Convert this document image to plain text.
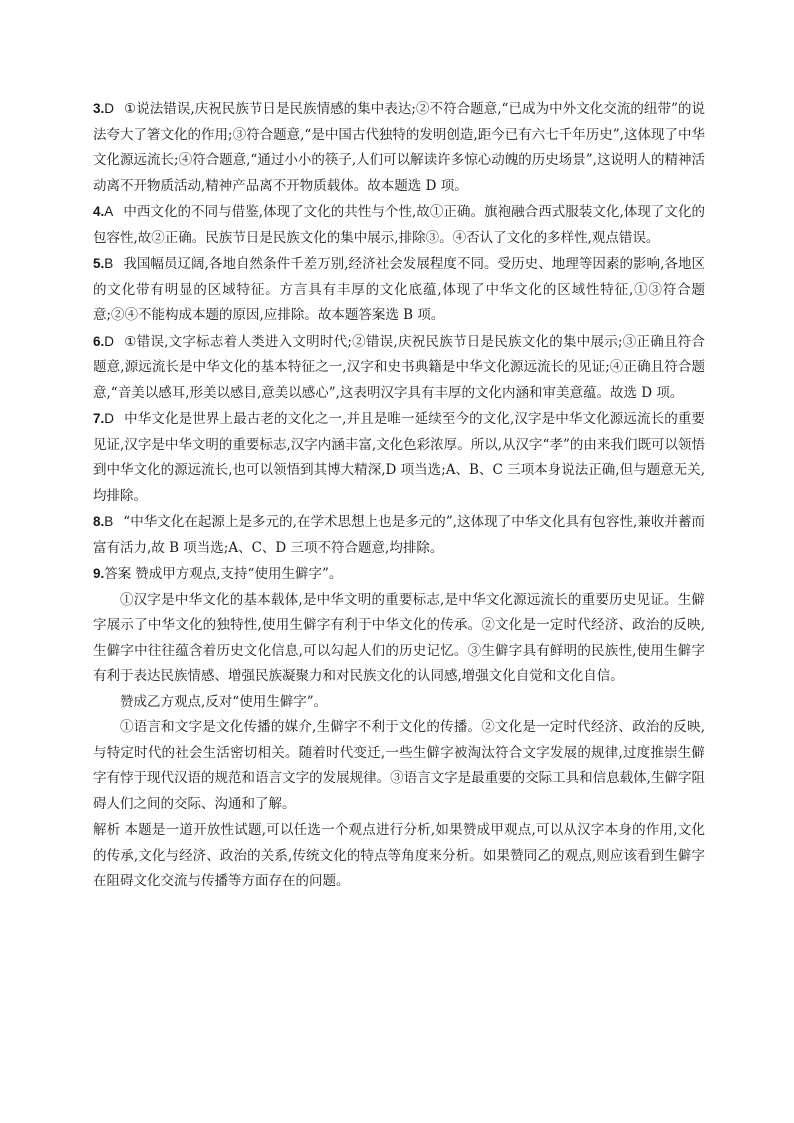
3.D ①说法错误,庆祝民族节日是民族情感的集中表达;②不符合题意,“已成为中外文化交流的纽带”的说法夸大了箸文化的作用;③符合题意,“是中国古代独特的发明创造,距今已有六七千年历史”,这体现了中华文化源远流长;④符合题意,“通过小小的筷子,人们可以解读许多惊心动魄的历史场景”,这说明人的精神活动离不开物质活动,精神产品离不开物质载体。故本题选 D 项。

4.A 中西文化的不同与借鉴,体现了文化的共性与个性,故①正确。旗袍融合西式服装文化,体现了文化的包容性,故②正确。民族节日是民族文化的集中展示,排除③。④否认了文化的多样性,观点错误。

5.B 我国幅员辽阔,各地自然条件千差万别,经济社会发展程度不同。受历史、地理等因素的影响,各地区的文化带有明显的区域特征。方言具有丰厚的文化底蕴,体现了中华文化的区域性特征,①③符合题意;②④不能构成本题的原因,应排除。故本题答案选 B 项。

6.D ①错误,文字标志着人类进入文明时代;②错误,庆祝民族节日是民族文化的集中展示;③正确且符合题意,源远流长是中华文化的基本特征之一,汉字和史书典籍是中华文化源远流长的见证;④正确且符合题意,“音美以感耳,形美以感目,意美以感心”,这表明汉字具有丰厚的文化内涵和审美意蕴。故选 D 项。

7.D 中华文化是世界上最古老的文化之一,并且是唯一延续至今的文化,汉字是中华文化源远流长的重要见证,汉字是中华文明的重要标志,汉字内涵丰富,文化色彩浓厚。所以,从汉字“孝”的由来我们既可以领悟到中华文化的源远流长,也可以领悟到其博大精深,D 项当选;A、B、C 三项本身说法正确,但与题意无关,均排除。

8.B “中华文化在起源上是多元的,在学术思想上也是多元的”,这体现了中华文化具有包容性,兼收并蓄而富有活力,故 B 项当选;A、C、D 三项不符合题意,均排除。

9.答案 赞成甲方观点,支持“使用生僻字”。

①汉字是中华文化的基本载体,是中华文明的重要标志,是中华文化源远流长的重要历史见证。生僻字展示了中华文化的独特性,使用生僻字有利于中华文化的传承。②文化是一定时代经济、政治的反映,生僻字中往往蕴含着历史文化信息,可以勾起人们的历史记忆。③生僻字具有鲜明的民族性,使用生僻字有利于表达民族情感、增强民族凝聚力和对民族文化的认同感,增强文化自觉和文化自信。

赞成乙方观点,反对“使用生僻字”。

①语言和文字是文化传播的媒介,生僻字不利于文化的传播。②文化是一定时代经济、政治的反映,与特定时代的社会生活密切相关。随着时代变迁,一些生僻字被淘汰符合文字发展的规律,过度推崇生僻字有悖于现代汉语的规范和语言文字的发展规律。③语言文字是最重要的交际工具和信息载体,生僻字阻碍人们之间的交际、沟通和了解。

解析 本题是一道开放性试题,可以任选一个观点进行分析,如果赞成甲观点,可以从汉字本身的作用,文化的传承,文化与经济、政治的关系,传统文化的特点等角度来分析。如果赞同乙的观点,则应该看到生僻字在阻碍文化交流与传播等方面存在的问题。
